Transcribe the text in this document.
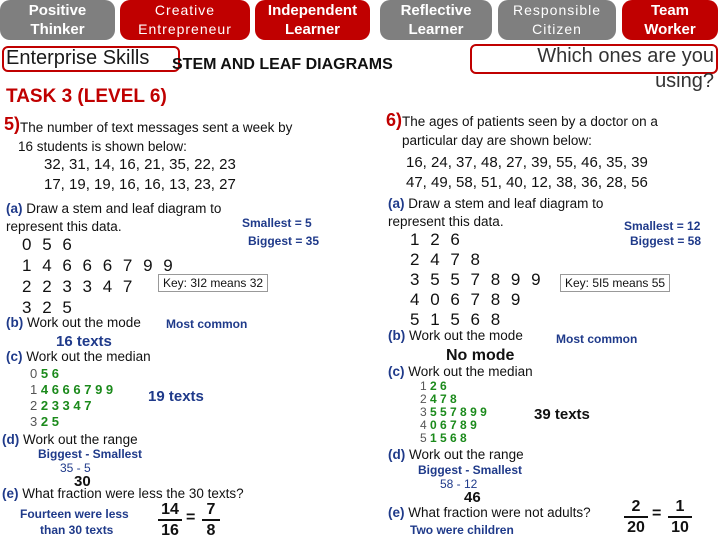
Positive
Thinker
Creative
Entrepreneur
Independent
Learner
Reflective
Learner
Responsible
Citizen
Team
Worker
Enterprise Skills STEM AND LEAF DIAGRAMS	Which ones are you using?
TASK 3 (LEVEL 6)
5) The number of text messages sent a week by 16 students is shown below:
32, 31, 14, 16, 21, 35, 22, 23
17, 19, 19, 16, 16, 13, 23, 27
(a) Draw a stem and leaf diagram to represent this data.	Smallest = 5
Biggest = 35
0 5 6
1 4 6 6 6 7 9 9
2 2 3 3 4 7
3 2 5
Key: 3I2 means 32
(b) Work out the mode Most common
16 texts
(c) Work out the median
0 5 6
1 4 6 6 6 7 9 9
2 2 3 3 4 7
3 2 5
19 texts
(d) Work out the range
Biggest - Smallest
35 - 5
30
(e) What fraction were less the 30 texts?
Fourteen were less
than 30 texts	$\frac{14}{16} = \frac{7}{8}$
6) The ages of patients seen by a doctor on a particular day are shown below:
16, 24, 37, 48, 27, 39, 55, 46, 35, 39
47, 49, 58, 51, 40, 12, 38, 36, 28, 56
(a) Draw a stem and leaf diagram to represent this data.	Smallest = 12
Biggest = 58
1 2 6
2 4 7 8
3 5 5 7 8 9 9
4 0 6 7 8 9
5 1 5 6 8
Key: 5I5 means 55
(b) Work out the mode	Most common
No mode
(c) Work out the median
1 2 6
2 4 7 8
3 5 5 7 8 9 9
4 0 6 7 8 9
5 1 5 6 8
39 texts
(d) Work out the range
Biggest - Smallest
58 - 12
46
(e) What fraction were not adults?
Two were children	$\frac{2}{20} = \frac{1}{10}$
